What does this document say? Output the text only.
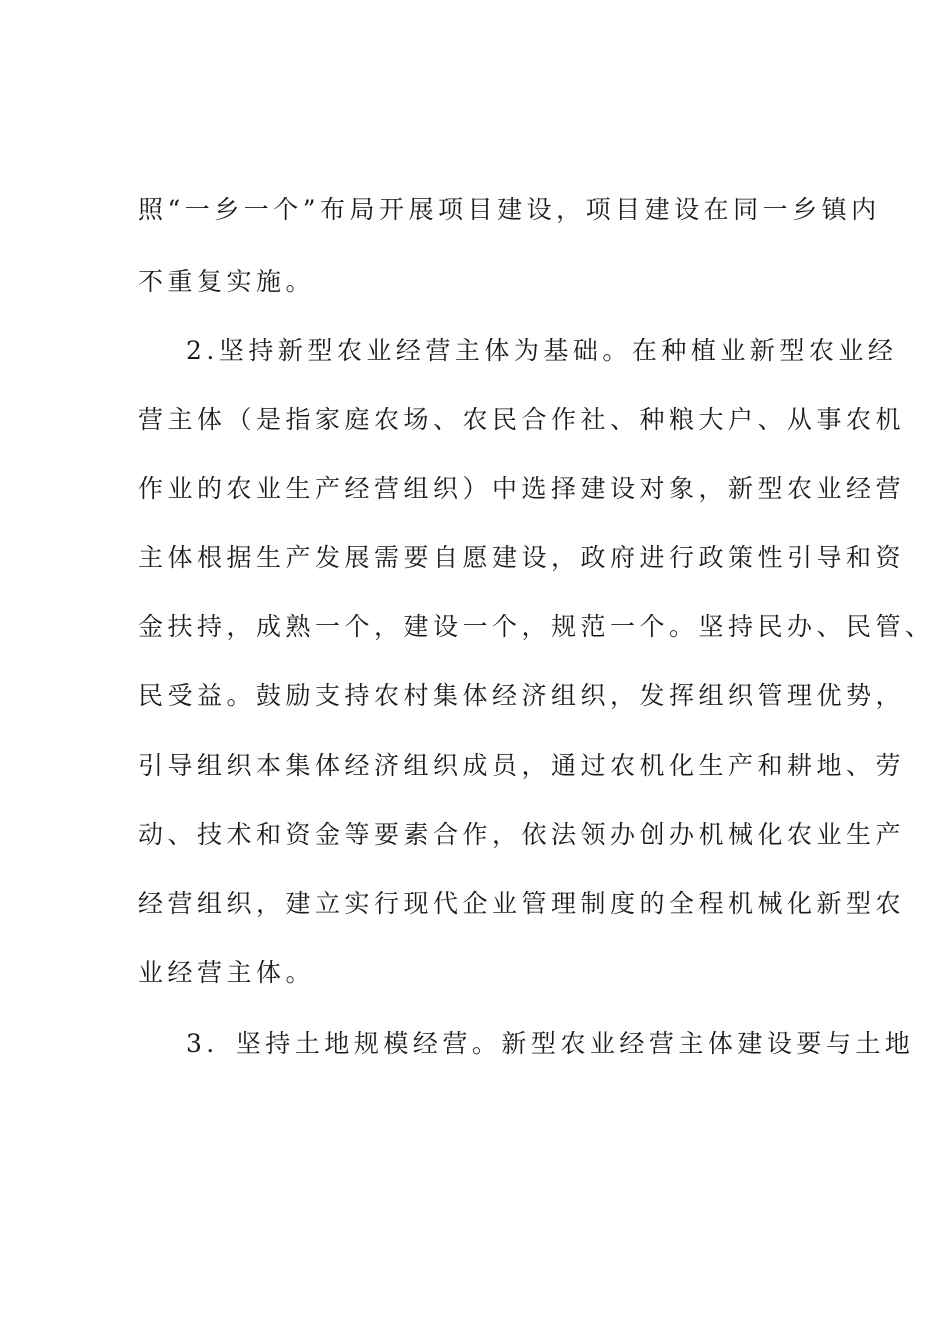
照“一乡一个”布局开展项目建设，项目建设在同一乡镇内
不重复实施。
2.坚持新型农业经营主体为基础。在种植业新型农业经
营主体（是指家庭农场、农民合作社、种粮大户、从事农机
作业的农业生产经营组织）中选择建设对象，新型农业经营
主体根据生产发展需要自愿建设，政府进行政策性引导和资
金扶持，成熟一个，建设一个，规范一个。坚持民办、民管、
民受益。鼓励支持农村集体经济组织，发挥组织管理优势，
引导组织本集体经济组织成员，通过农机化生产和耕地、劳
动、技术和资金等要素合作，依法领办创办机械化农业生产
经营组织，建立实行现代企业管理制度的全程机械化新型农
业经营主体。
3．坚持土地规模经营。新型农业经营主体建设要与土地
